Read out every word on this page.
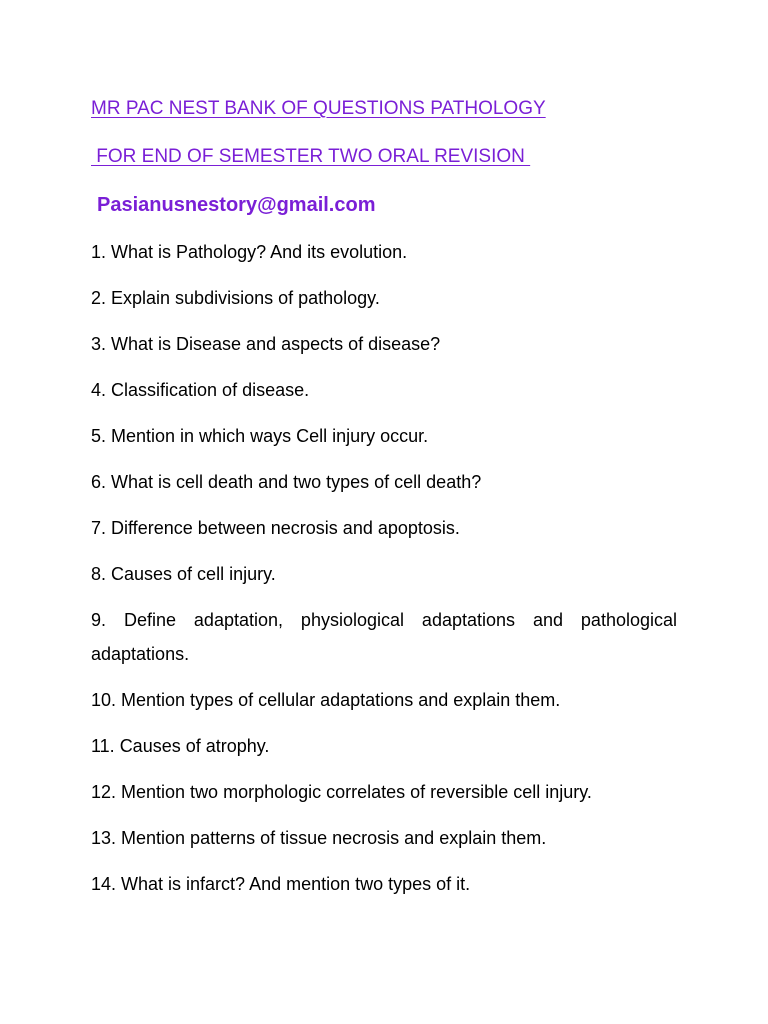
MR PAC NEST BANK OF QUESTIONS PATHOLOGY
FOR END OF SEMESTER TWO ORAL REVISION
Pasianusnestory@gmail.com
1. What is Pathology? And its evolution.
2. Explain subdivisions of pathology.
3. What is Disease and aspects of disease?
4. Classification of disease.
5. Mention in which ways Cell injury occur.
6. What is cell death and two types of cell death?
7. Difference between necrosis and apoptosis.
8. Causes of cell injury.
9. Define adaptation, physiological adaptations and pathological adaptations.
10. Mention types of cellular adaptations and explain them.
11. Causes of atrophy.
12. Mention two morphologic correlates of reversible cell injury.
13. Mention patterns of tissue necrosis and explain them.
14. What is infarct? And mention two types of it.
